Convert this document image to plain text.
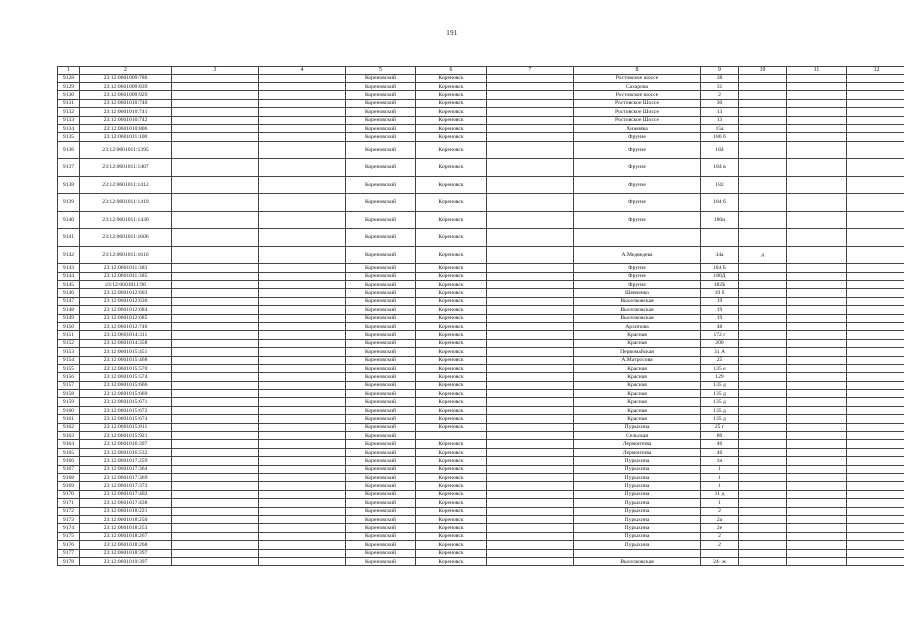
191
1	2	3	4	5	6	7	8	9	10	11	12
9128	23:12:0601009:786			Кореновский	Кореновск		Ростовское шоссе	38			
9129	23:12:0601009:839			Кореновский	Кореновск		Сахарова	31			
9130	23:12:0601009:929			Кореновский	Кореновск		Ростовское шоссе	2			
9131	23:12:0601010:740			Кореновский	Кореновск		Ростовское Шоссе	30			
9132	23:12:0601010:741			Кореновский	Кореновск		Ростовское Шоссе	13			
9133	23:12:0601010:742			Кореновский	Кореновск		Ростовское Шоссе	13			
9134	23:12:0601010:806			Кореновский	Кореновск		Хижняка	15а			
9135	23:12:0601011:100			Кореновский	Кореновск		Фрунзе	180 б			
9136	23:12:0601011:1395			Кореновский	Кореновск		Фрунзе	184			
9137	23:12:0601011:1407			Кореновский	Кореновск		Фрунзе	184 в			
9138	23:12:0601011:1412			Кореновский	Кореновск		Фрунзе	182			
9139	23:12:0601011:1419			Кореновский	Кореновск		Фрунзе	184 б			
9140	23:12:0601011:1430			Кореновский	Кореновск		Фрунзе	180и			
9141	23:12:0601011:1606			Кореновский	Кореновск						
9142	23:12:0601011:1616			Кореновский	Кореновск		А.Медведева	34а	д		
9143	23:12:0601011:383			Кореновский	Кореновск		Фрунзе	184 Б			
9144	23:12:0601011:385			Кореновский	Кореновск		Фрунзе	180Д			
9145	23:12:0601011:96			Кореновский	Кореновск		Фрунзе	182Б			
9146	23:12:0601012:603			Кореновский	Кореновск		Шевченко	19 б			
9147	23:12:0601012:630			Кореновский	Кореновск		Выселковская	19			
9148	23:12:0601012:684			Кореновский	Кореновск		Выселковская	19			
9149	23:12:0601012:685			Кореновский	Кореновск		Выселковская	19			
9150	23:12:0601012:746			Кореновский	Кореновск		Архипова	48			
9151	23:12:0601014:311			Кореновский	Кореновск		Красная	172 г			
9152	23:12:0601014:358			Кореновский	Кореновск		Красная	200			
9153	23:12:0601015:451			Кореновский	Кореновск		Первомайская	31 А			
9154	23:12:0601015:468			Кореновский	Кореновск		А.Матросова	25			
9155	23:12:0601015:570			Кореновский	Кореновск		Красная	135 е			
9156	23:12:0601015:574			Кореновский	Кореновск		Красная	129			
9157	23:12:0601015:666			Кореновский	Кореновск		Красная	135 д			
9158	23:12:0601015:669			Кореновский	Кореновск		Красная	135 д			
9159	23:12:0601015:671			Кореновский	Кореновск		Красная	135 д			
9160	23:12:0601015:672			Кореновский	Кореновск		Красная	135 д			
9161	23:12:0601015:674			Кореновский	Кореновск		Красная	135 д			
9162	23:12:0601015:811			Кореновский	Кореновск		Пурыхина	25 г			
9163	23:12:0601015:921			Кореновский			Сельская	80			
9164	23:12:0601016:397			Кореновский	Кореновск		Лермонтова	46			
9165	23:12:0601016:532			Кореновский	Кореновск		Лермонтова	46			
9166	23:12:0601017:259			Кореновский	Кореновск		Пурыхина	1н			
9167	23:12:0601017:364			Кореновский	Кореновск		Пурыхина	1			
9168	23:12:0601017:369			Кореновский	Кореновск		Пурыхина	1			
9169	23:12:0601017:373			Кореновский	Кореновск		Пурыхина	1			
9170	23:12:0601017:402			Кореновский	Кореновск		Пурыхина	11 д			
9171	23:12:0601017:438			Кореновский	Кореновск		Пурыхина	1			
9172	23:12:0601018:221			Кореновский	Кореновск		Пурыхина	2			
9173	23:12:0601018:250			Кореновский	Кореновск		Пурыхина	2а			
9174	23:12:0601018:253			Кореновский	Кореновск		Пурыхина	2е			
9175	23:12:0601018:267			Кореновский	Кореновск		Пурыхина	2			
9176	23:12:0601018:268			Кореновский	Кореновск		Пурыхина	2			
9177	23:12:0601018:397			Кореновский	Кореновск						
9178	23:12:0601019:397			Кореновский	Кореновск		Выселковская	24- ж			
